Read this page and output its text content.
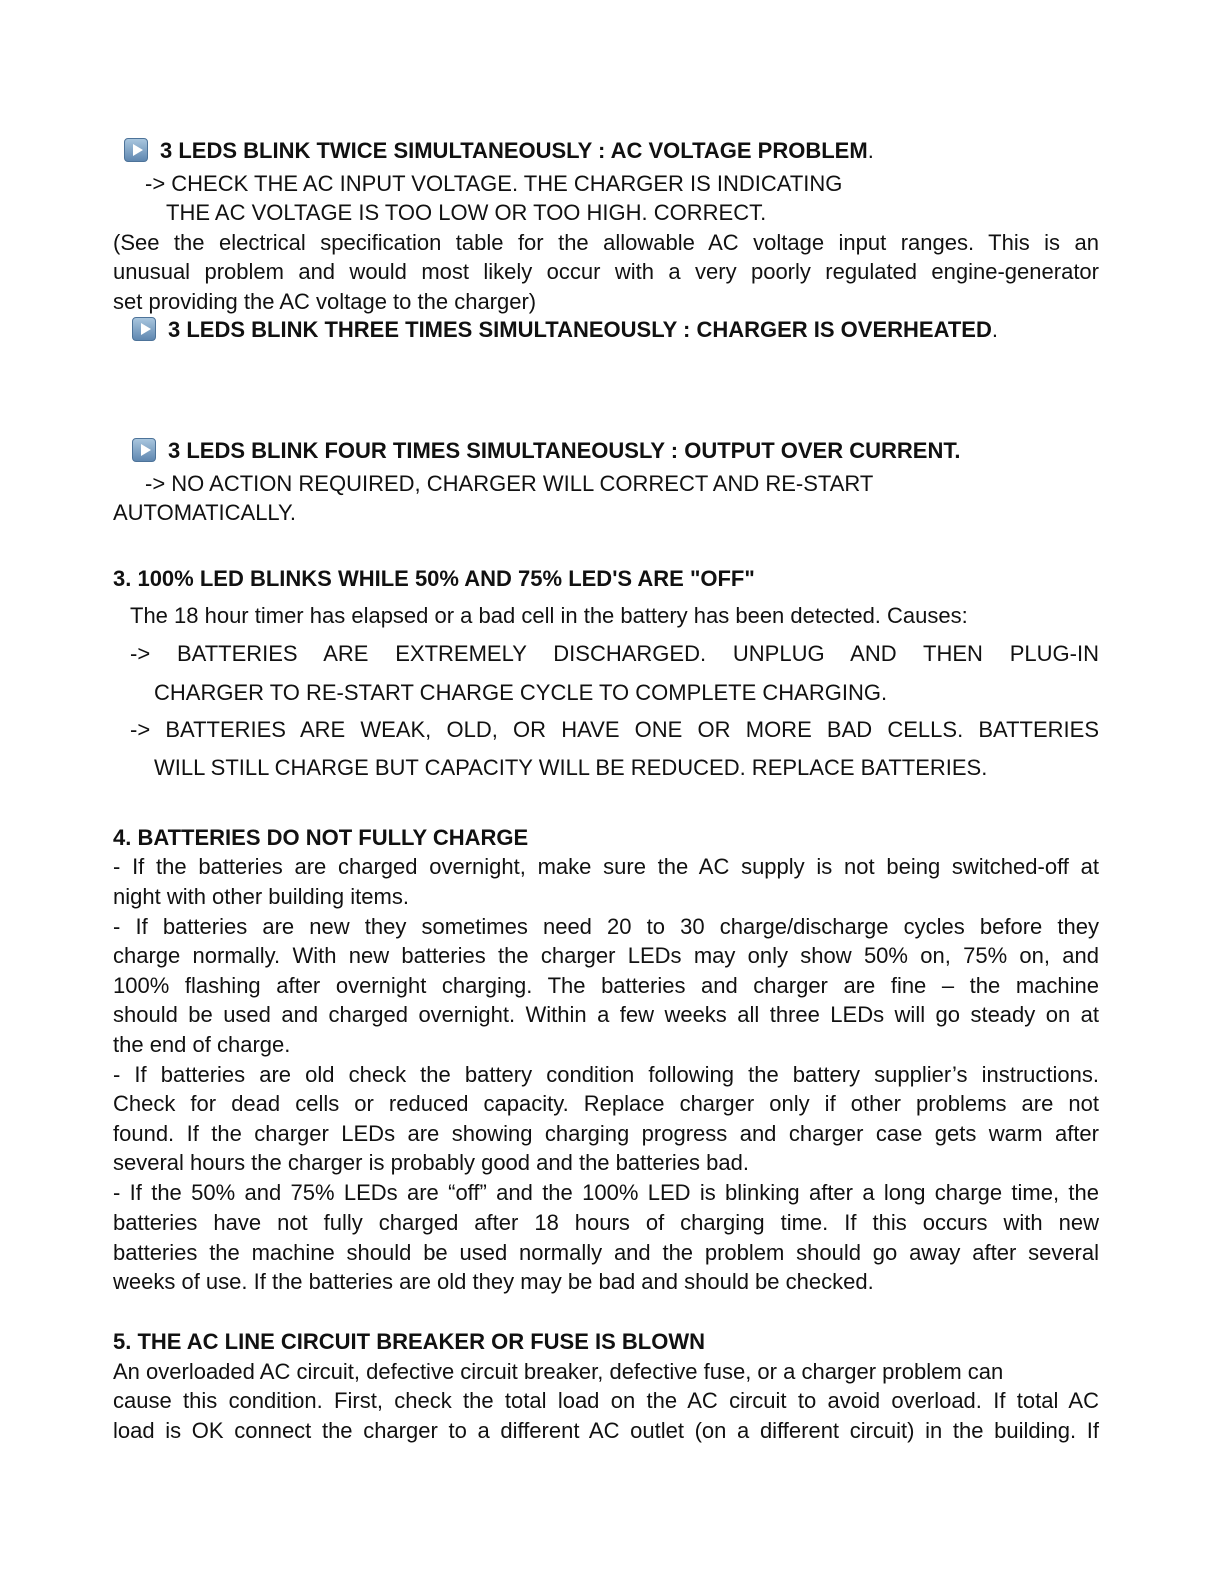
3 LEDS BLINK TWICE SIMULTANEOUSLY : AC VOLTAGE PROBLEM.
-> CHECK THE AC INPUT VOLTAGE. THE CHARGER IS INDICATING
THE AC VOLTAGE IS TOO LOW OR TOO HIGH. CORRECT.
(See the electrical specification table for the allowable AC voltage input ranges. This is an
unusual problem and would most likely occur with a very poorly regulated engine-generator
set providing the AC voltage to the charger)
3 LEDS BLINK THREE TIMES SIMULTANEOUSLY : CHARGER IS OVERHEATED.
3 LEDS BLINK FOUR TIMES SIMULTANEOUSLY : OUTPUT OVER CURRENT.
-> NO ACTION REQUIRED, CHARGER WILL CORRECT AND RE-START
AUTOMATICALLY.
3. 100% LED BLINKS WHILE 50% AND 75% LED'S ARE "OFF"
The 18 hour timer has elapsed or a bad cell in the battery has been detected. Causes:
-> BATTERIES ARE EXTREMELY DISCHARGED. UNPLUG AND THEN PLUG-IN
CHARGER TO RE-START CHARGE CYCLE TO COMPLETE CHARGING.
-> BATTERIES ARE WEAK, OLD, OR HAVE ONE OR MORE BAD CELLS. BATTERIES
WILL STILL CHARGE BUT CAPACITY WILL BE REDUCED. REPLACE BATTERIES.
4. BATTERIES DO NOT FULLY CHARGE
- If the batteries are charged overnight, make sure the AC supply is not being switched-off at
night with other building items.
- If batteries are new they sometimes need 20 to 30 charge/discharge cycles before they
charge normally. With new batteries the charger LEDs may only show 50% on, 75% on, and
100% flashing after overnight charging. The batteries and charger are fine – the machine
should be used and charged overnight. Within a few weeks all three LEDs will go steady on at
the end of charge.
- If batteries are old check the battery condition following the battery supplier’s instructions.
Check for dead cells or reduced capacity. Replace charger only if other problems are not
found. If the charger LEDs are showing charging progress and charger case gets warm after
several hours the charger is probably good and the batteries bad.
- If the 50% and 75% LEDs are “off” and the 100% LED is blinking after a long charge time, the
batteries have not fully charged after 18 hours of charging time. If this occurs with new
batteries the machine should be used normally and the problem should go away after several
weeks of use. If the batteries are old they may be bad and should be checked.
5. THE AC LINE CIRCUIT BREAKER OR FUSE IS BLOWN
An overloaded AC circuit, defective circuit breaker, defective fuse, or a charger problem can
cause this condition. First, check the total load on the AC circuit to avoid overload. If total AC
load is OK connect the charger to a different AC outlet (on a different circuit) in the building. If
